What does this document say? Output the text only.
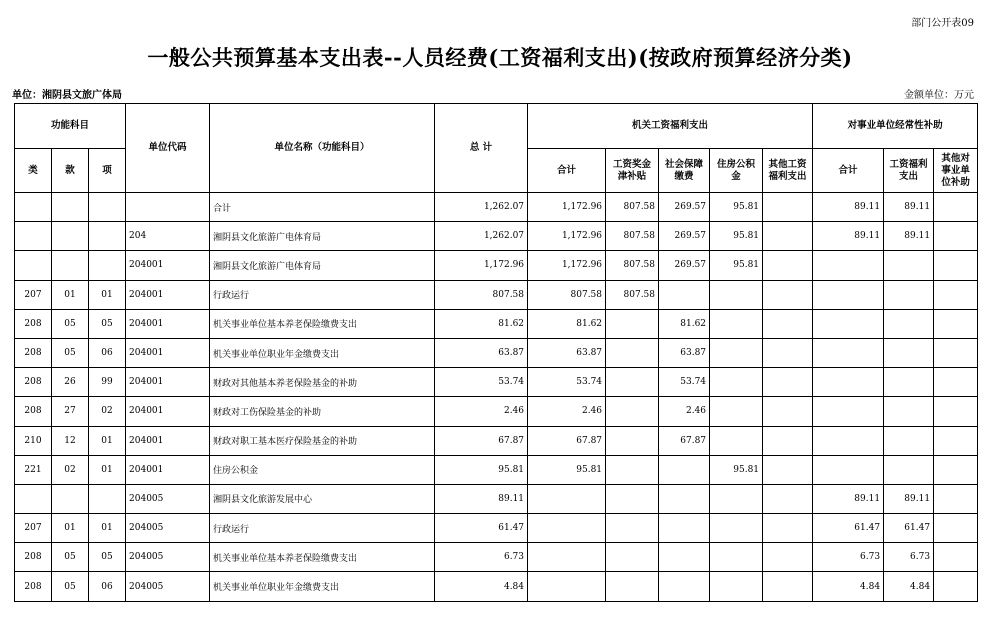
部门公开表09
一般公共预算基本支出表--人员经费(工资福利支出)(按政府预算经济分类)
单位：湘阴县文旅广体局	金额单位：万元
功能科目			单位代码	单位名称（功能科目）	总 计	机关工资福利支出					对事业单位经常性补助		
类	款	项				合计	工资奖金津补贴	社会保障缴费	住房公积金	其他工资福利支出	合计	工资福利支出	其他对事业单位补助
				合计	1,262.07	1,172.96	807.58	269.57	95.81		89.11	89.11	
			204	湘阴县文化旅游广电体育局	1,262.07	1,172.96	807.58	269.57	95.81		89.11	89.11	
			204001	湘阴县文化旅游广电体育局	1,172.96	1,172.96	807.58	269.57	95.81				
207	01	01	204001	行政运行	807.58	807.58	807.58						
208	05	05	204001	机关事业单位基本养老保险缴费支出	81.62	81.62		81.62					
208	05	06	204001	机关事业单位职业年金缴费支出	63.87	63.87		63.87					
208	26	99	204001	财政对其他基本养老保险基金的补助	53.74	53.74		53.74					
208	27	02	204001	财政对工伤保险基金的补助	2.46	2.46		2.46					
210	12	01	204001	财政对职工基本医疗保险基金的补助	67.87	67.87		67.87					
221	02	01	204001	住房公积金	95.81	95.81			95.81				
			204005	湘阴县文化旅游发展中心	89.11						89.11	89.11	
207	01	01	204005	行政运行	61.47						61.47	61.47	
208	05	05	204005	机关事业单位基本养老保险缴费支出	6.73						6.73	6.73	
208	05	06	204005	机关事业单位职业年金缴费支出	4.84						4.84	4.84	
